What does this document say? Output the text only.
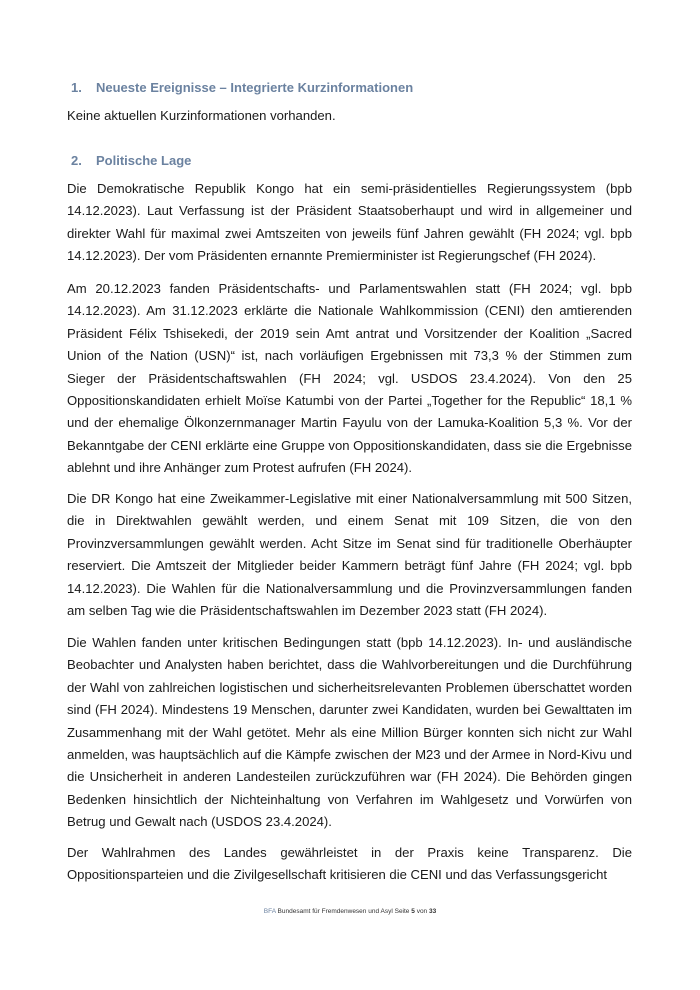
1.	Neueste Ereignisse – Integrierte Kurzinformationen

Keine aktuellen Kurzinformationen vorhanden.

2.	Politische Lage

Die Demokratische Republik Kongo hat ein semi-präsidentielles Regierungssystem (bpb 14.12.2023). Laut Verfassung ist der Präsident Staatsoberhaupt und wird in allgemeiner und direkter Wahl für maximal zwei Amtszeiten von jeweils fünf Jahren gewählt (FH 2024; vgl. bpb 14.12.2023). Der vom Präsidenten ernannte Premierminister ist Regierungschef (FH 2024).

Am 20.12.2023 fanden Präsidentschafts- und Parlamentswahlen statt (FH 2024; vgl. bpb 14.12.2023). Am 31.12.2023 erklärte die Nationale Wahlkommission (CENI) den amtierenden Präsident Félix Tshisekedi, der 2019 sein Amt antrat und Vorsitzender der Koalition „Sacred Union of the Nation (USN)“ ist, nach vorläufigen Ergebnissen mit 73,3 % der Stimmen zum Sieger der Präsidentschaftswahlen (FH 2024; vgl. USDOS 23.4.2024). Von den 25 Oppositionskandidaten erhielt Moïse Katumbi von der Partei „Together for the Republic“ 18,1 % und der ehemalige Ölkonzernmanager Martin Fayulu von der Lamuka-Koalition 5,3 %. Vor der Bekanntgabe der CENI erklärte eine Gruppe von Oppositionskandidaten, dass sie die Ergebnisse ablehnt und ihre Anhänger zum Protest aufrufen (FH 2024).

Die DR Kongo hat eine Zweikammer-Legislative mit einer Nationalversammlung mit 500 Sitzen, die in Direktwahlen gewählt werden, und einem Senat mit 109 Sitzen, die von den Provinzversammlungen gewählt werden. Acht Sitze im Senat sind für traditionelle Oberhäupter reserviert. Die Amtszeit der Mitglieder beider Kammern beträgt fünf Jahre (FH 2024; vgl. bpb 14.12.2023). Die Wahlen für die Nationalversammlung und die Provinzversammlungen fanden am selben Tag wie die Präsidentschaftswahlen im Dezember 2023 statt (FH 2024).

Die Wahlen fanden unter kritischen Bedingungen statt (bpb 14.12.2023). In- und ausländische Beobachter und Analysten haben berichtet, dass die Wahlvorbereitungen und die Durchführung der Wahl von zahlreichen logistischen und sicherheitsrelevanten Problemen überschattet worden sind (FH 2024). Mindestens 19 Menschen, darunter zwei Kandidaten, wurden bei Gewalttaten im Zusammenhang mit der Wahl getötet. Mehr als eine Million Bürger konnten sich nicht zur Wahl anmelden, was hauptsächlich auf die Kämpfe zwischen der M23 und der Armee in Nord-Kivu und die Unsicherheit in anderen Landesteilen zurückzuführen war (FH 2024). Die Behörden gingen Bedenken hinsichtlich der Nichteinhaltung von Verfahren im Wahlgesetz und Vorwürfen von Betrug und Gewalt nach (USDOS 23.4.2024).

Der Wahlrahmen des Landes gewährleistet in der Praxis keine Transparenz. Die Oppositionsparteien und die Zivilgesellschaft kritisieren die CENI und das Verfassungsgericht

BFA Bundesamt für Fremdenwesen und Asyl Seite 5 von 33
